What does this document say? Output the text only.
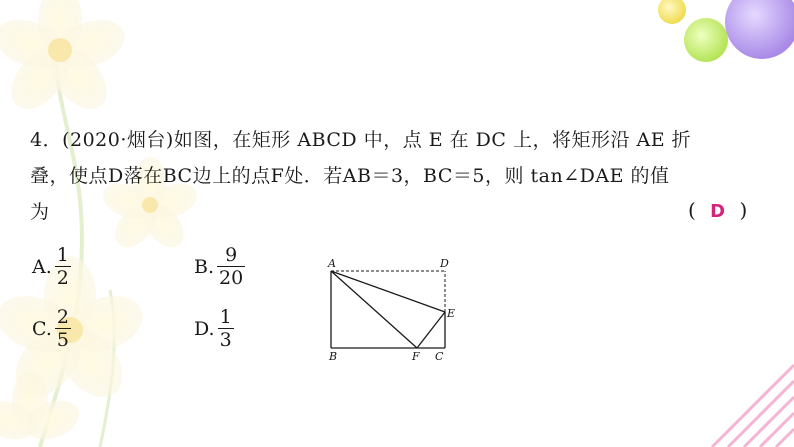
4．(2020·烟台)如图，在矩形 ABCD 中，点 E 在 DC 上，将矩形沿 AE 折
叠，使点D落在BC边上的点F处．若AB＝3，BC＝5，则 tan∠DAE 的值
为	( D )
A. $\frac{1}{2}$	B. $\frac{9}{20}$
C. $\frac{2}{5}$	D. $\frac{1}{3}$
A	D
E
B	F C
